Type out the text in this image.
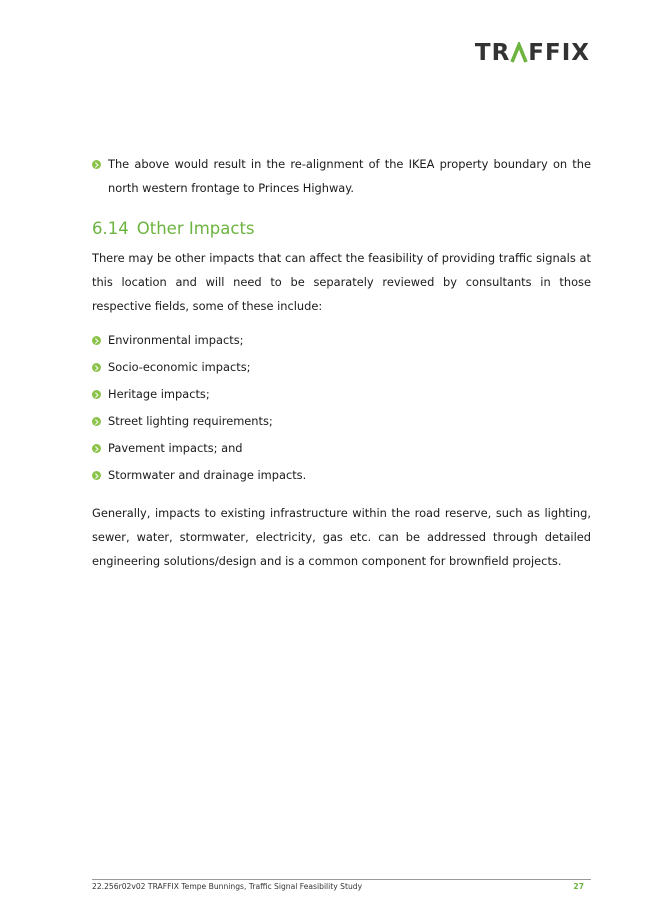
TR FFIX
The above would result in the re-alignment of the IKEA property boundary on the north western frontage to Princes Highway.
6.14 Other Impacts

There may be other impacts that can affect the feasibility of providing traffic signals at this location and will need to be separately reviewed by consultants in those respective fields, some of these include:

Environmental impacts;
Socio-economic impacts;
Heritage impacts;
Street lighting requirements;
Pavement impacts; and
Stormwater and drainage impacts.

Generally, impacts to existing infrastructure within the road reserve, such as lighting, sewer, water, stormwater, electricity, gas etc. can be addressed through detailed engineering solutions/design and is a common component for brownfield projects.

22.256r02v02 TRAFFIX Tempe Bunnings, Traffic Signal Feasibility Study	27
